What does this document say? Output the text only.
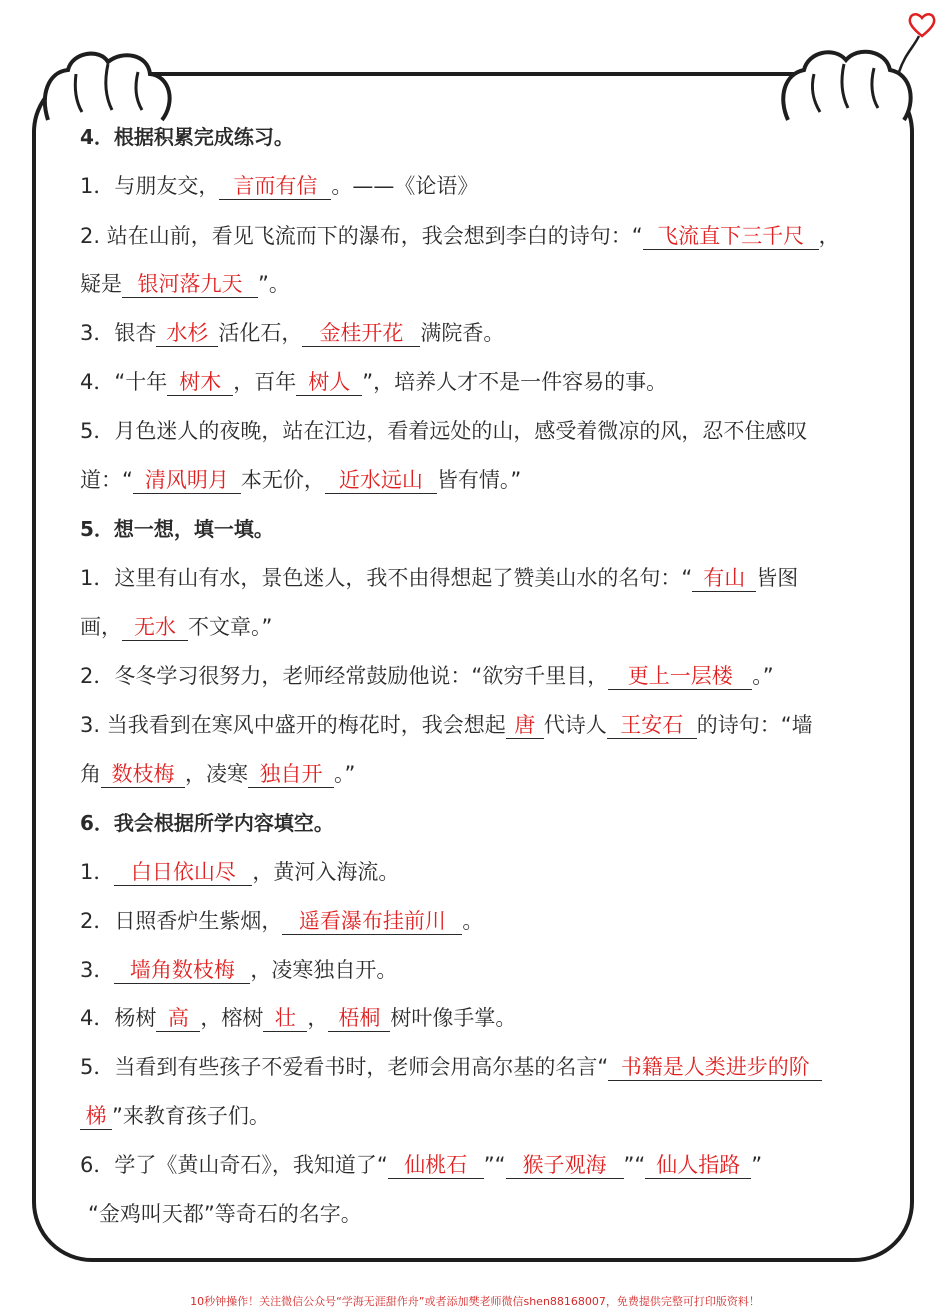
4．根据积累完成练习。
1．与朋友交， 言而有信 。——《论语》
2. 站在山前，看见飞流而下的瀑布，我会想到李白的诗句：“ 飞流直下三千尺 ，
疑是 银河落九天 ”。
3．银杏 水杉 活化石， 金桂开花 满院香。
4．“十年 树木 ，百年 树人 ”，培养人才不是一件容易的事。
5．月色迷人的夜晚，站在江边，看着远处的山，感受着微凉的风，忍不住感叹
道：“ 清风明月 本无价， 近水远山 皆有情。”
5．想一想，填一填。
1．这里有山有水，景色迷人，我不由得想起了赞美山水的名句：“ 有山 皆图
画， 无水 不文章。”
2．冬冬学习很努力，老师经常鼓励他说：“欲穷千里目， 更上一层楼 。”
3. 当我看到在寒风中盛开的梅花时，我会想起 唐 代诗人 王安石 的诗句：“墙
角 数枝梅 ，凌寒 独自开 。”
6．我会根据所学内容填空。
1． 白日依山尽 ，黄河入海流。
2．日照香炉生紫烟， 遥看瀑布挂前川 。
3． 墙角数枝梅 ，凌寒独自开。
4．杨树 高 ，榕树 壮 ， 梧桐 树叶像手掌。
5．当看到有些孩子不爱看书时，老师会用高尔基的名言“ 书籍是人类进步的阶
梯 ”来教育孩子们。
6．学了《黄山奇石》，我知道了“ 仙桃石 ”“ 猴子观海 ”“ 仙人指路 ”
“金鸡叫天都”等奇石的名字。
10秒钟操作！关注微信公众号“学海无涯甜作舟”或者添加樊老师微信shen88168007，免费提供完整可打印版资料！
